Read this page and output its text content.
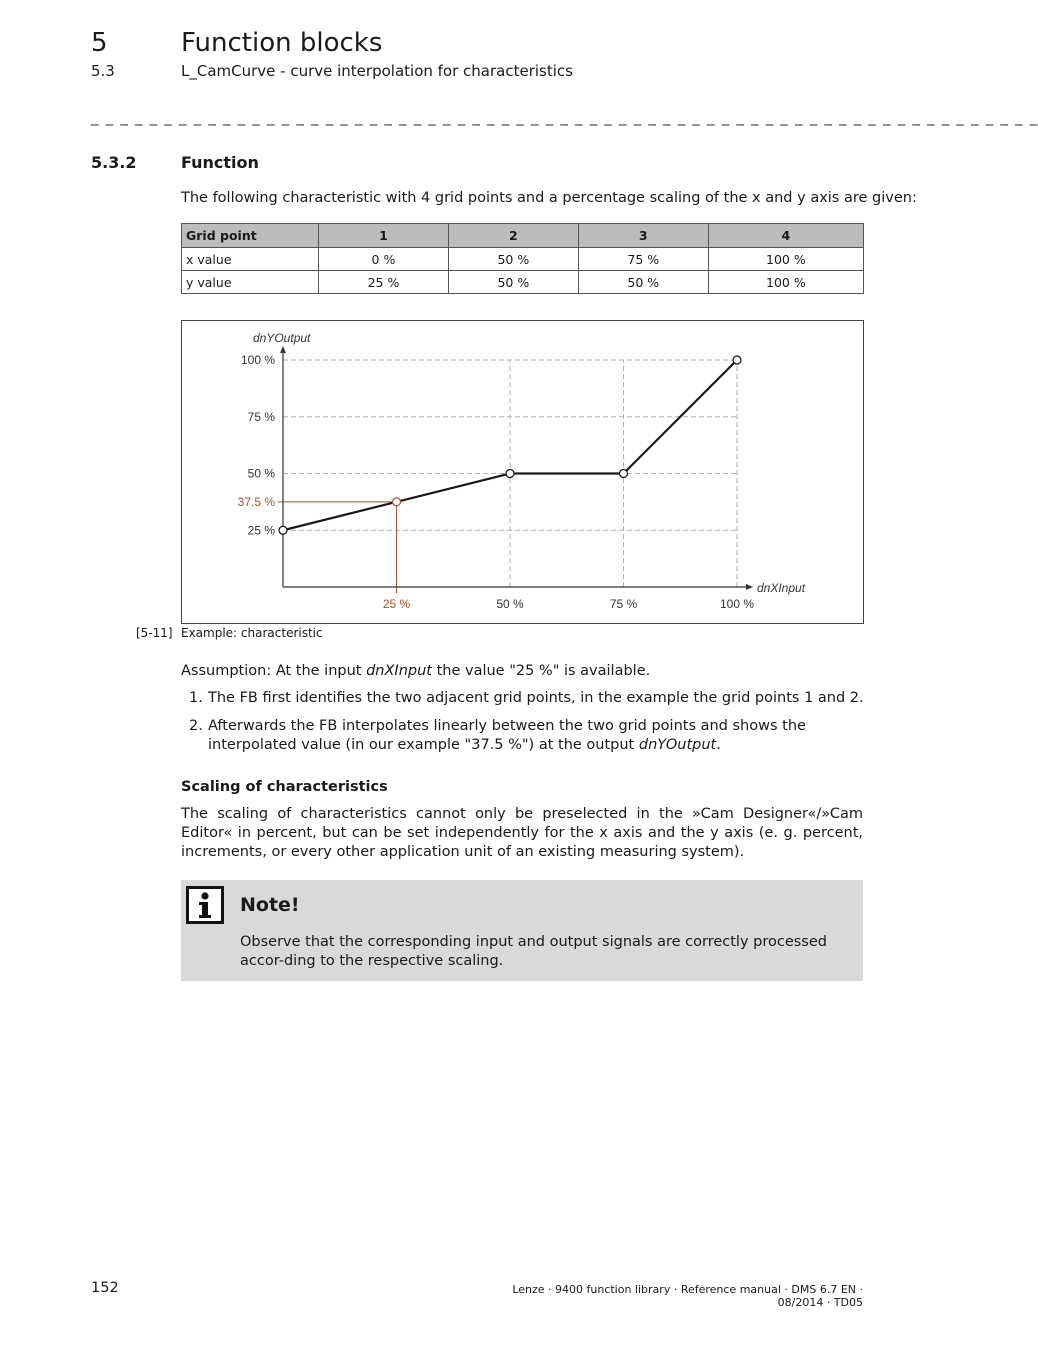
5	Function blocks
5.3	L_CamCurve - curve interpolation for characteristics
_ _ _ _ _ _ _ _ _ _ _ _ _ _ _ _ _ _ _ _ _ _ _ _ _ _ _ _ _ _ _ _ _ _ _ _ _ _ _ _ _ _ _ _ _ _ _ _ _ _ _ _ _ _ _ _ _ _ _ _ _ _ _ _ _
5.3.2	Function
The following characteristic with 4 grid points and a percentage scaling of the x and y axis are given:
Grid point	1	2	3	4
x value	0 %	50 %	75 %	100 %
y value	25 %	50 %	50 %	100 %
25 %	50 %	75 %	100 %
25 %
37.5 %
50 %
75 %
100 %
dnYOutput
dnXInput
[5-11] Example: characteristic
Assumption: At the input dnXInput the value "25 %" is available.
1. The FB first identifies the two adjacent grid points, in the example the grid points 1 and 2.
2. Afterwards the FB interpolates linearly between the two grid points and shows the interpolated value (in our example "37.5 %") at the output dnYOutput.
Scaling of characteristics
The scaling of characteristics cannot only be preselected in the »Cam Designer«/»Cam Editor« in percent, but can be set independently for the x axis and the y axis (e. g. percent, increments, or every other application unit of an existing measuring system).
Note!
Observe that the corresponding input and output signals are correctly processed accor-ding to the respective scaling.
152	Lenze · 9400 function library · Reference manual · DMS 6.7 EN · 08/2014 · TD05
